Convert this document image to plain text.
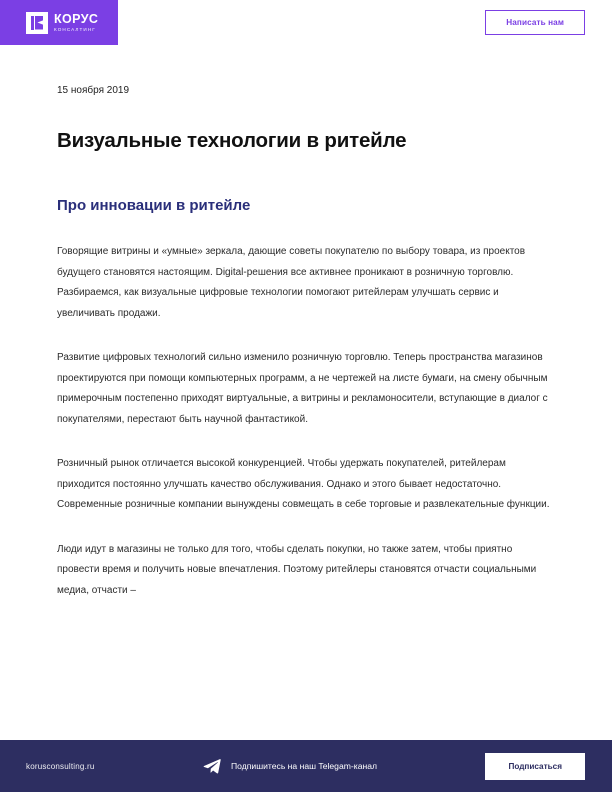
КОРУС
КОНСАЛТИНГ
Написать нам
15 ноября 2019
Визуальные технологии в ритейле
Про инновации в ритейле

Говорящие витрины и «умные» зеркала, дающие советы покупателю по выбору товара, из проектов будущего становятся настоящим. Digital-решения все активнее проникают в розничную торговлю. Разбираемся, как визуальные цифровые технологии помогают ритейлерам улучшать сервис и увеличивать продажи.

Развитие цифровых технологий сильно изменило розничную торговлю. Теперь пространства магазинов проектируются при помощи компьютерных программ, а не чертежей на листе бумаги, на смену обычным примерочным постепенно приходят виртуальные, а витрины и рекламоносители, вступающие в диалог с покупателями, перестают быть научной фантастикой.

Розничный рынок отличается высокой конкуренцией. Чтобы удержать покупателей, ритейлерам приходится постоянно улучшать качество обслуживания. Однако и этого бывает недостаточно. Современные розничные компании вынуждены совмещать в себе торговые и развлекательные функции.

Люди идут в магазины не только для того, чтобы сделать покупки, но также затем, чтобы приятно провести время и получить новые впечатления. Поэтому ритейлеры становятся отчасти социальными медиа, отчасти –

korusconsulting.ru	Подпишитесь на наш Telegam-канал	Подписаться
